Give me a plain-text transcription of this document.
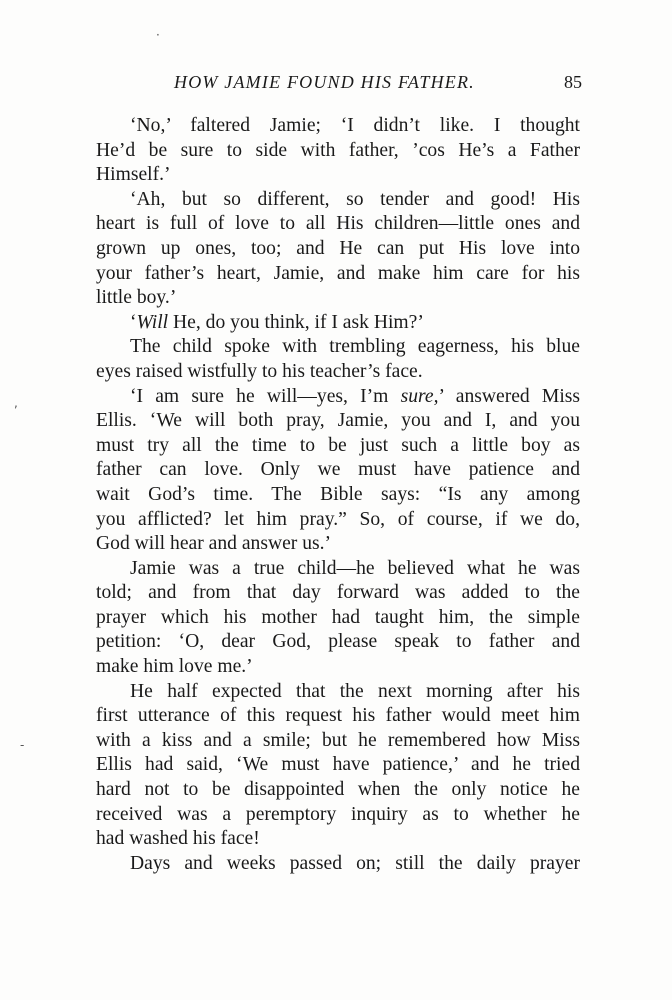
HOW JAMIE FOUND HIS FATHER.	85
‘No,’ faltered Jamie; ‘I didn’t like. I thought
He’d be sure to side with father, ’cos He’s a Father
Himself.’
‘Ah, but so different, so tender and good! His
heart is full of love to all His children—little ones and
grown up ones, too; and He can put His love into
your father’s heart, Jamie, and make him care for his
little boy.’
‘Will He, do you think, if I ask Him?’
The child spoke with trembling eagerness, his blue
eyes raised wistfully to his teacher’s face.
‘I am sure he will—yes, I’m sure,’ answered Miss
Ellis. ‘We will both pray, Jamie, you and I, and you
must try all the time to be just such a little boy as
father can love. Only we must have patience and
wait God’s time. The Bible says: “Is any among
you afflicted? let him pray.” So, of course, if we do,
God will hear and answer us.’
Jamie was a true child—he believed what he was
told; and from that day forward was added to the
prayer which his mother had taught him, the simple
petition: ‘O, dear God, please speak to father and
make him love me.’
He half expected that the next morning after his
first utterance of this request his father would meet him
with a kiss and a smile; but he remembered how Miss
Ellis had said, ‘We must have patience,’ and he tried
hard not to be disappointed when the only notice he
received was a peremptory inquiry as to whether he
had washed his face!
Days and weeks passed on; still the daily prayer
·
,
-
